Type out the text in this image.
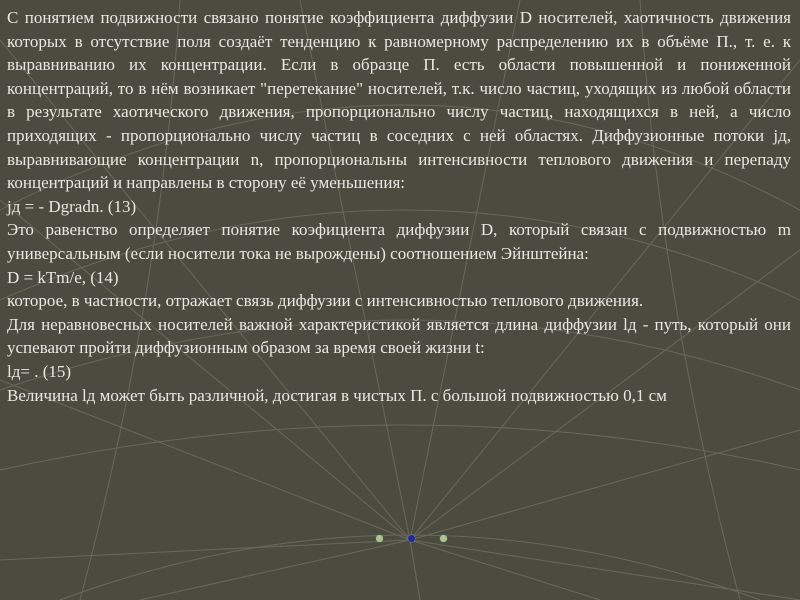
С понятием подвижности связано понятие коэффициента диффузии D носителей, хаотичность движения которых в отсутствие поля создаёт тенденцию к равномерному распределению их в объёме П., т. е. к выравниванию их концентрации. Если в образце П. есть области повышенной и пониженной концентраций, то в нём возникает "перетекание" носителей, т.к. число частиц, уходящих из любой области в результате хаотического движения, пропорционально числу частиц, находящихся в ней, а число приходящих - пропорционально числу частиц в соседних с ней областях. Диффузионные потоки jд, выравнивающие концентрации n, пропорциональны интенсивности теплового движения и перепаду концентраций и направлены в сторону её уменьшения:

jд = - Dgradn. (13)

Это равенство определяет понятие коэфициента диффузии D, который связан с подвижностью m универсальным (если носители тока не вырождены) соотношением Эйнштейна:

D = kTm/e, (14)

которое, в частности, отражает связь диффузии с интенсивностью теплового движения.

Для неравновесных носителей важной характеристикой является длина диффузии lд - путь, который они успевают пройти диффузионным образом за время своей жизни t:

lд= . (15)

Величина lд может быть различной, достигая в чистых П. с большой подвижностью 0,1 см
